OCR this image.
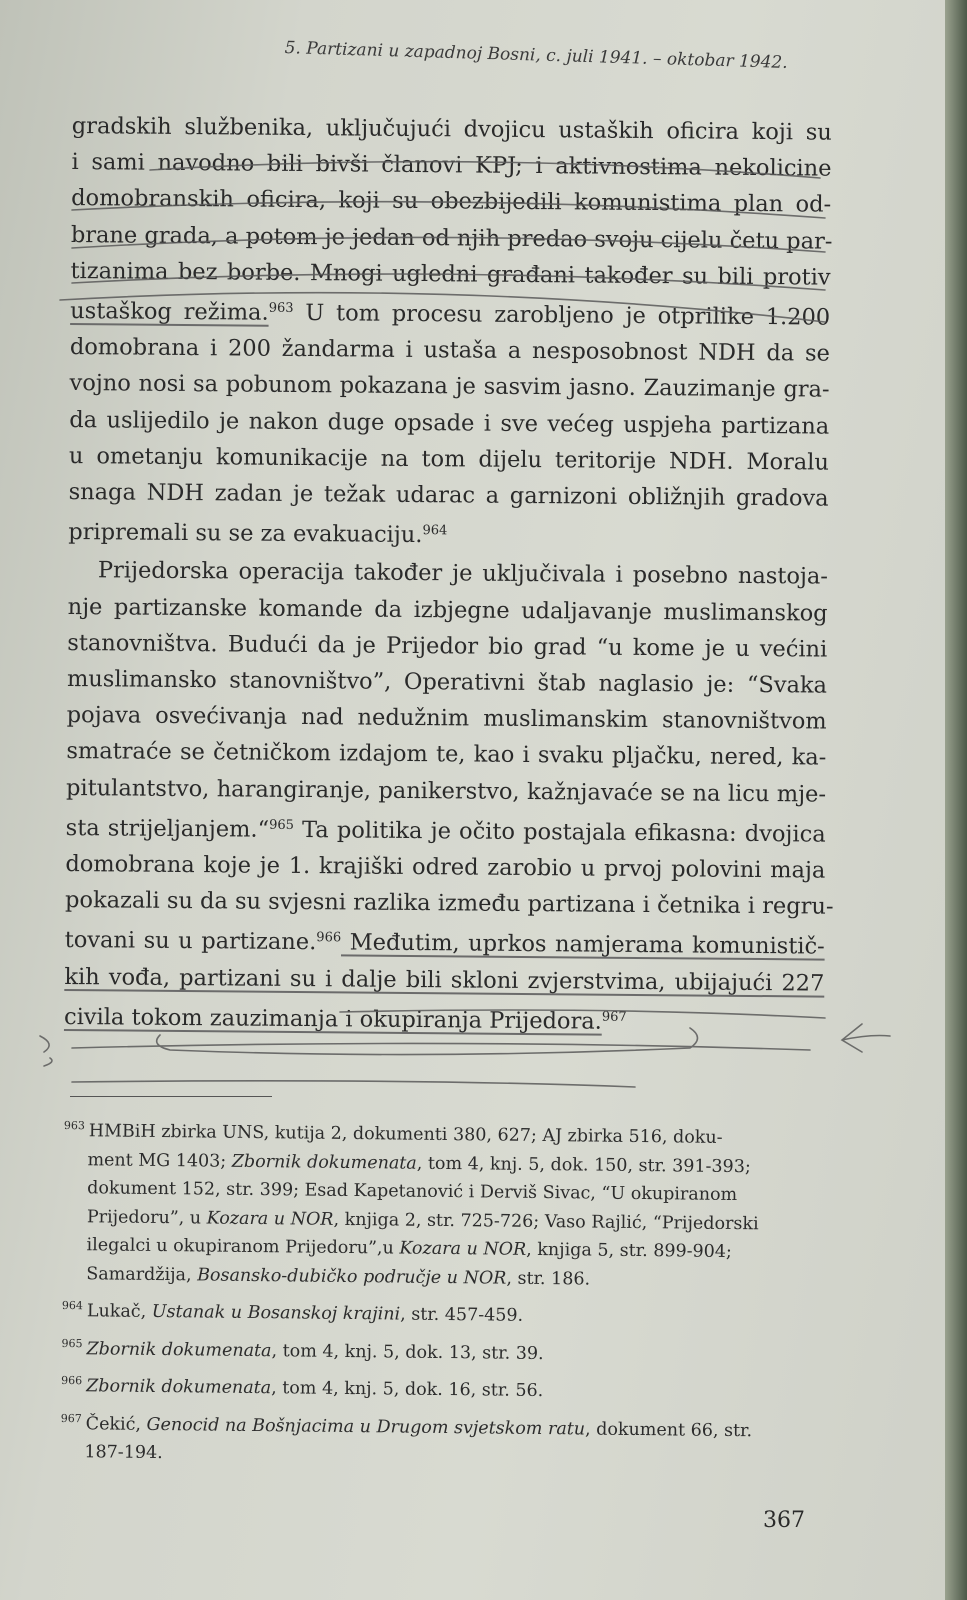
5. Partizani u zapadnoj Bosni, c. juli 1941. – oktobar 1942.
gradskih službenika, uključujući dvojicu ustaških oficira koji su
i sami navodno bili bivši članovi KPJ; i aktivnostima nekolicine
domobranskih oficira, koji su obezbijedili komunistima plan od-
brane grada, a potom je jedan od njih predao svoju cijelu četu par-
tizanima bez borbe. Mnogi ugledni građani također su bili protiv
ustaškog režima.$^{963}$ U tom procesu zarobljeno je otprilike 1.200
domobrana i 200 žandarma i ustaša a nesposobnost NDH da se
vojno nosi sa pobunom pokazana je sasvim jasno. Zauzimanje gra-
da uslijedilo je nakon duge opsade i sve većeg uspjeha partizana
u ometanju komunikacije na tom dijelu teritorije NDH. Moralu
snaga NDH zadan je težak udarac a garnizoni obližnjih gradova
pripremali su se za evakuaciju.$^{964}$
Prijedorska operacija također je uključivala i posebno nastoja-
nje partizanske komande da izbjegne udaljavanje muslimanskog
stanovništva. Budući da je Prijedor bio grad “u kome je u većini
muslimansko stanovništvo”, Operativni štab naglasio je: “Svaka
pojava osvećivanja nad nedužnim muslimanskim stanovništvom
smatraće se četničkom izdajom te, kao i svaku pljačku, nered, ka-
pitulantstvo, harangiranje, panikerstvo, kažnjavaće se na licu mje-
sta strijeljanjem.“$^{965}$ Ta politika je očito postajala efikasna: dvojica
domobrana koje je 1. krajiški odred zarobio u prvoj polovini maja
pokazali su da su svjesni razlika između partizana i četnika i regru-
tovani su u partizane.$^{966}$ Međutim, uprkos namjerama komunistič-
kih vođa, partizani su i dalje bili skloni zvjerstvima, ubijajući 227
civila tokom zauzimanja i okupiranja Prijedora.$^{967}$
$^{963}$ HMBiH zbirka UNS, kutija 2, dokumenti 380, 627; AJ zbirka 516, doku-
ment MG 1403; Zbornik dokumenata, tom 4, knj. 5, dok. 150, str. 391-393;
dokument 152, str. 399; Esad Kapetanović i Derviš Sivac, “U okupiranom
Prijedoru”, u Kozara u NOR, knjiga 2, str. 725-726; Vaso Rajlić, “Prijedorski
ilegalci u okupiranom Prijedoru”,u Kozara u NOR, knjiga 5, str. 899-904;
Samardžija, Bosansko-dubičko područje u NOR, str. 186.
$^{964}$ Lukač, Ustanak u Bosanskoj krajini, str. 457-459.
$^{965}$ Zbornik dokumenata, tom 4, knj. 5, dok. 13, str. 39.
$^{966}$ Zbornik dokumenata, tom 4, knj. 5, dok. 16, str. 56.
$^{967}$ Čekić, Genocid na Bošnjacima u Drugom svjetskom ratu, dokument 66, str.
187-194.
367
